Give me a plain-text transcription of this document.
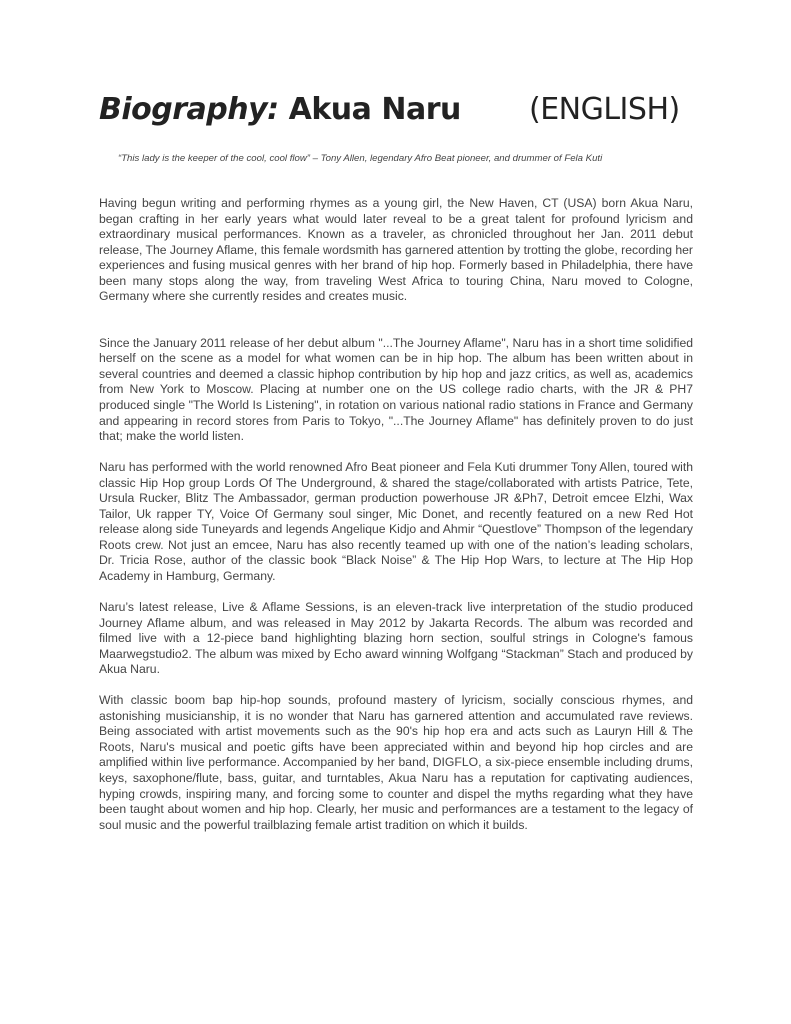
Biography: Akua Naru (ENGLISH)
“This lady is the keeper of the cool, cool flow” – Tony Allen, legendary Afro Beat pioneer, and drummer of Fela Kuti

Having begun writing and performing rhymes as a young girl, the New Haven, CT (USA) born Akua Naru, began crafting in her early years what would later reveal to be a great talent for profound lyricism and extraordinary musical performances. Known as a traveler, as chronicled throughout her Jan. 2011 debut release, The Journey Aflame, this female wordsmith has garnered attention by trotting the globe, recording her experiences and fusing musical genres with her brand of hip hop. Formerly based in Philadelphia, there have been many stops along the way, from traveling West Africa to touring China, Naru moved to Cologne, Germany where she currently resides and creates music.

Since the January 2011 release of her debut album "...The Journey Aflame", Naru has in a short time solidified herself on the scene as a model for what women can be in hip hop. The album has been written about in several countries and deemed a classic hiphop contribution by hip hop and jazz critics, as well as, academics from New York to Moscow. Placing at number one on the US college radio charts, with the JR & PH7 produced single "The World Is Listening", in rotation on various national radio stations in France and Germany and appearing in record stores from Paris to Tokyo, "...The Journey Aflame" has definitely proven to do just that; make the world listen.

Naru has performed with the world renowned Afro Beat pioneer and Fela Kuti drummer Tony Allen, toured with classic Hip Hop group Lords Of The Underground, & shared the stage/collaborated with artists Patrice, Tete, Ursula Rucker, Blitz The Ambassador, german production powerhouse JR &Ph7, Detroit emcee Elzhi, Wax Tailor, Uk rapper TY, Voice Of Germany soul singer, Mic Donet, and recently featured on a new Red Hot release along side Tuneyards and legends Angelique Kidjo and Ahmir “Questlove” Thompson of the legendary Roots crew. Not just an emcee, Naru has also recently teamed up with one of the nation’s leading scholars, Dr. Tricia Rose, author of the classic book “Black Noise” & The Hip Hop Wars, to lecture at The Hip Hop Academy in Hamburg, Germany.

Naru’s latest release, Live & Aflame Sessions, is an eleven-track live interpretation of the studio produced Journey Aflame album, and was released in May 2012 by Jakarta Records. The album was recorded and filmed live with a 12-piece band highlighting blazing horn section, soulful strings in Cologne's famous Maarwegstudio2. The album was mixed by Echo award winning Wolfgang “Stackman” Stach and produced by Akua Naru.

With classic boom bap hip-hop sounds, profound mastery of lyricism, socially conscious rhymes, and astonishing musicianship, it is no wonder that Naru has garnered attention and accumulated rave reviews. Being associated with artist movements such as the 90's hip hop era and acts such as Lauryn Hill & The Roots, Naru's musical and poetic gifts have been appreciated within and beyond hip hop circles and are amplified within live performance. Accompanied by her band, DIGFLO, a six-piece ensemble including drums, keys, saxophone/flute, bass, guitar, and turntables, Akua Naru has a reputation for captivating audiences, hyping crowds, inspiring many, and forcing some to counter and dispel the myths regarding what they have been taught about women and hip hop. Clearly, her music and performances are a testament to the legacy of soul music and the powerful trailblazing female artist tradition on which it builds.
